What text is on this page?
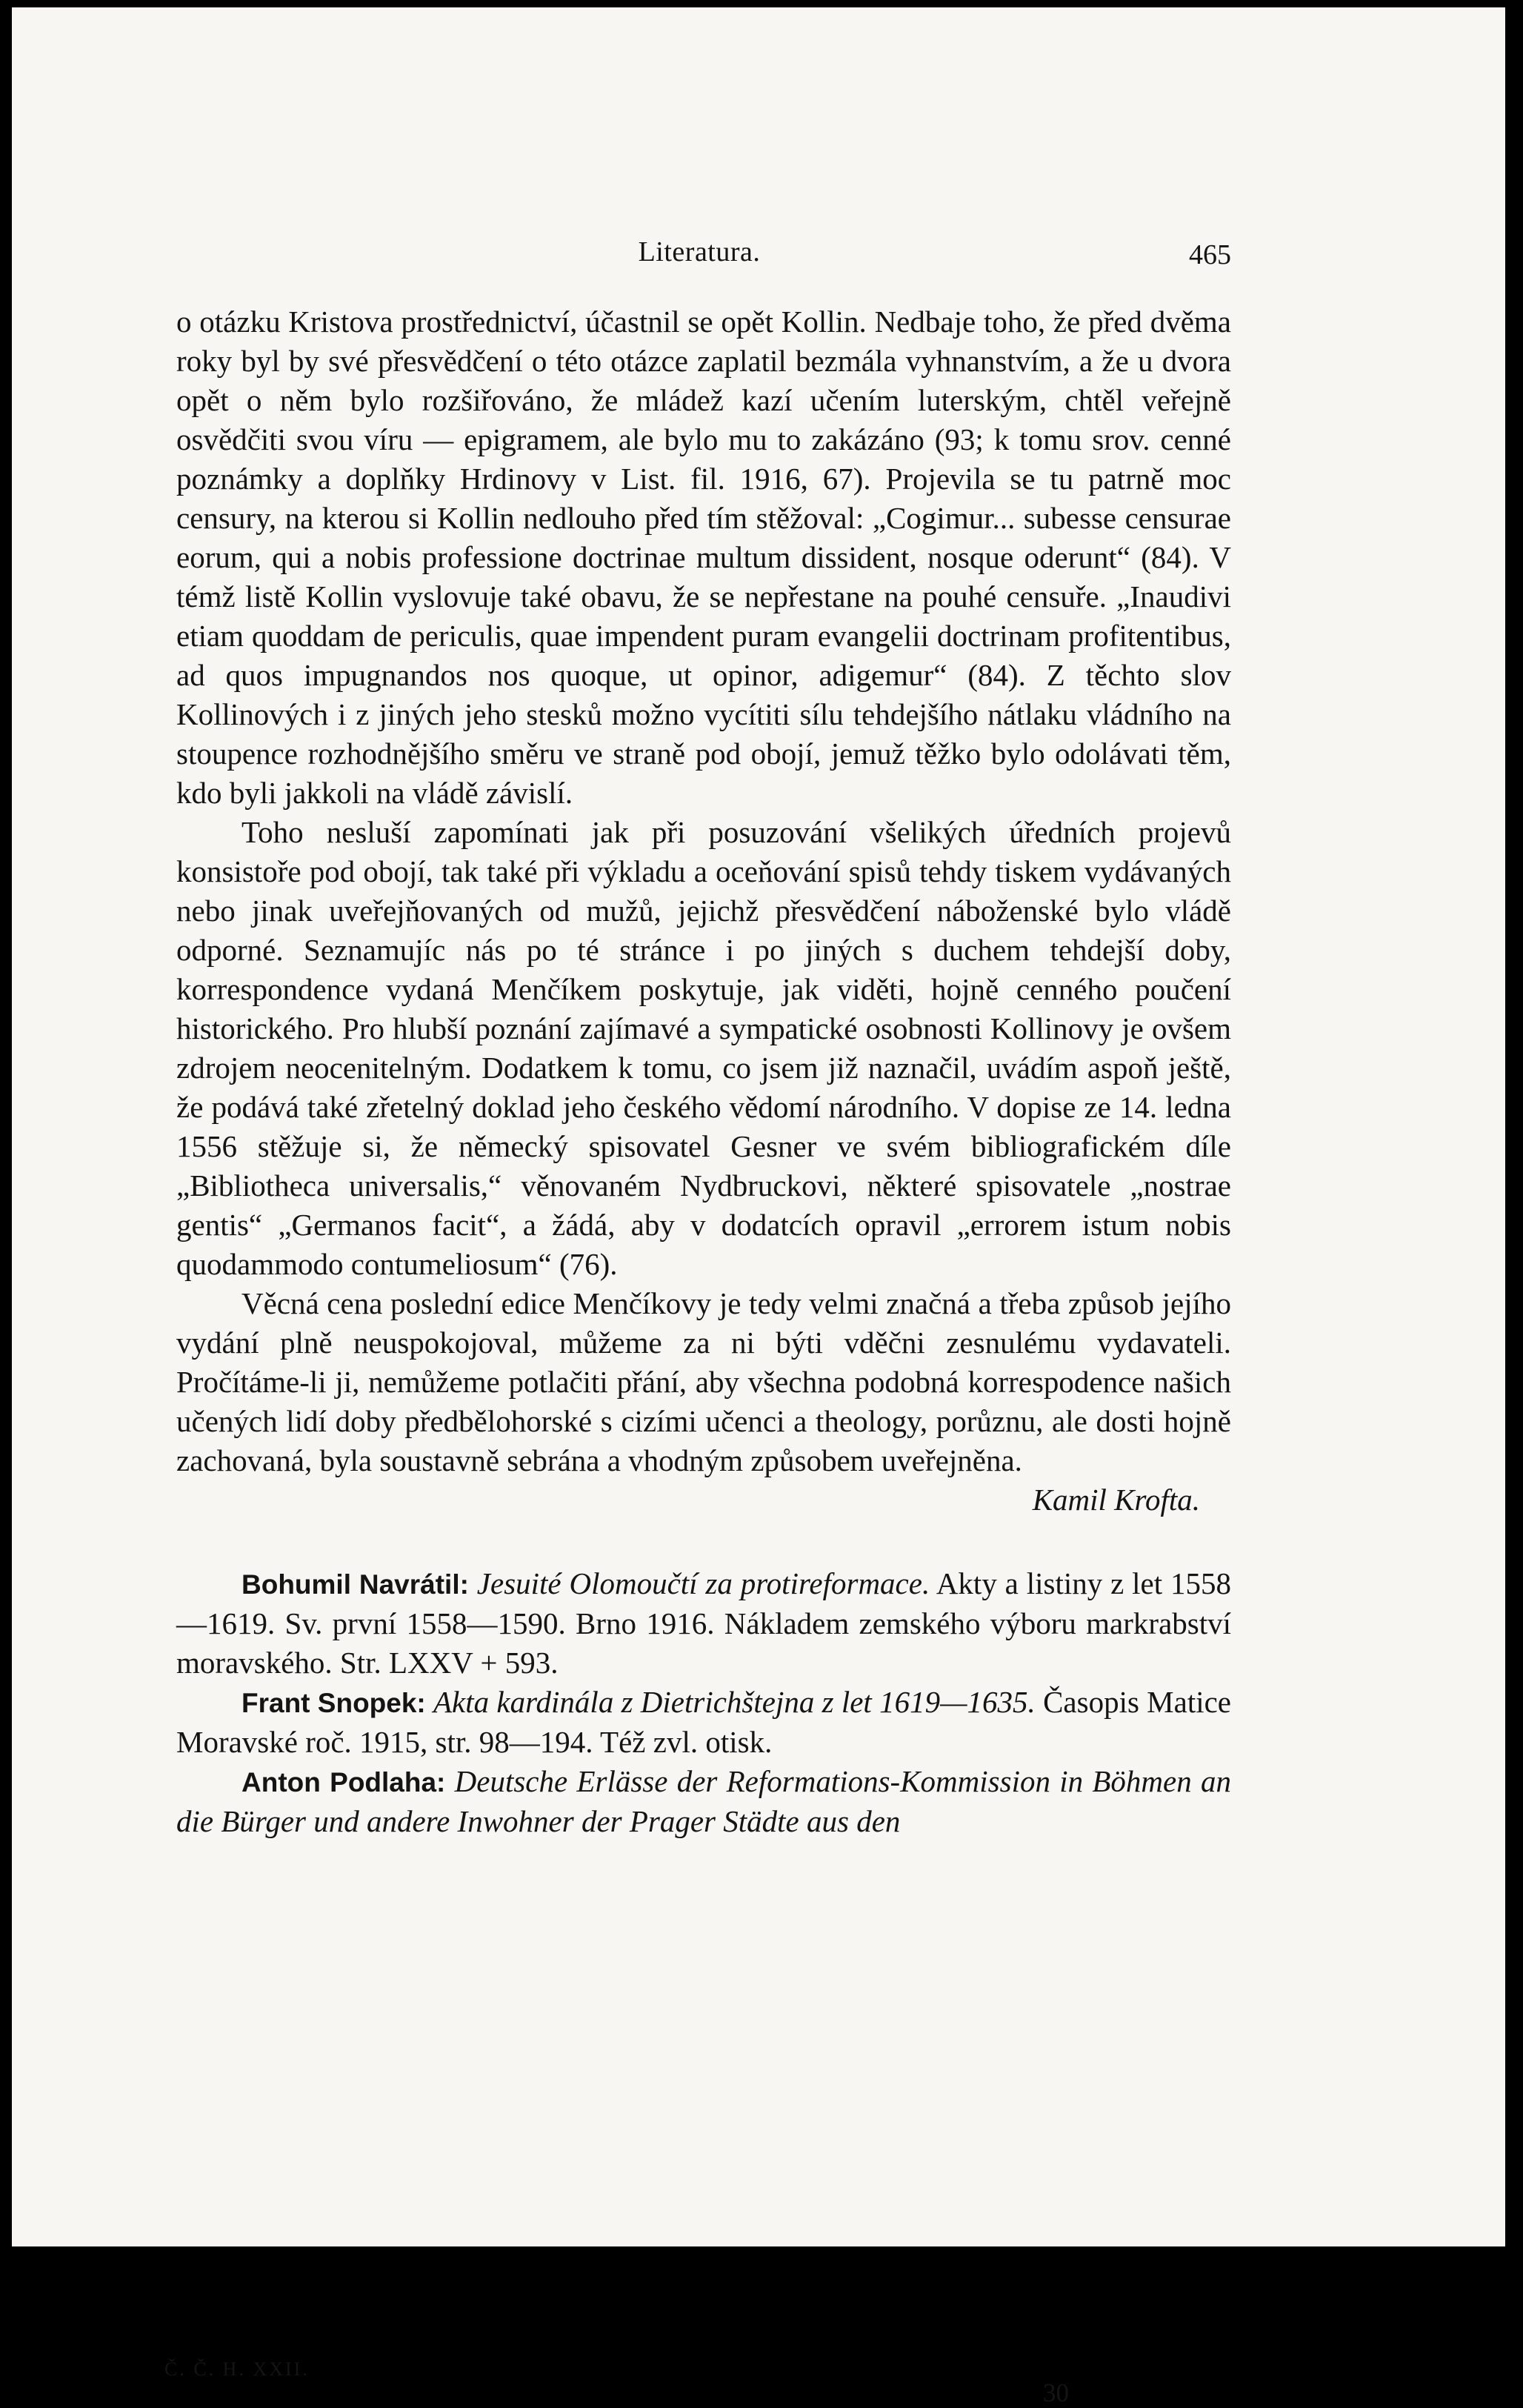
Literatura.	465

o otázku Kristova prostřednictví, účastnil se opět Kollin. Nedbaje toho, že před dvěma roky byl by své přesvědčení o této otázce zaplatil bezmála vyhnanstvím, a že u dvora opět o něm bylo rozšiřováno, že mládež kazí učením luterským, chtěl veřejně osvědčiti svou víru — epigramem, ale bylo mu to zakázáno (93; k tomu srov. cenné poznámky a doplňky Hrdinovy v List. fil. 1916, 67). Projevila se tu patrně moc censury, na kterou si Kollin nedlouho před tím stěžoval: „Cogimur... subesse censurae eorum, qui a nobis professione doctrinae multum dissident, nosque oderunt“ (84). V témž listě Kollin vyslovuje také obavu, že se nepřestane na pouhé censuře. „Inaudivi etiam quoddam de periculis, quae impendent puram evangelii doctrinam profitentibus, ad quos impugnandos nos quoque, ut opinor, adigemur“ (84). Z těchto slov Kollinových i z jiných jeho stesků možno vycítiti sílu tehdejšího nátlaku vládního na stoupence rozhodnějšího směru ve straně pod obojí, jemuž těžko bylo odolávati těm, kdo byli jakkoli na vládě závislí.

Toho nesluší zapomínati jak při posuzování všelikých úředních projevů konsistoře pod obojí, tak také při výkladu a oceňování spisů tehdy tiskem vydávaných nebo jinak uveřejňovaných od mužů, jejichž přesvědčení náboženské bylo vládě odporné. Seznamujíc nás po té stránce i po jiných s duchem tehdejší doby, korrespondence vydaná Menčíkem poskytuje, jak viděti, hojně cenného poučení historického. Pro hlubší poznání zajímavé a sympatické osobnosti Kollinovy je ovšem zdrojem neocenitelným. Dodatkem k tomu, co jsem již naznačil, uvádím aspoň ještě, že podává také zřetelný doklad jeho českého vědomí národního. V dopise ze 14. ledna 1556 stěžuje si, že německý spisovatel Gesner ve svém bibliografickém díle „Bibliotheca universalis,“ věnovaném Nydbruckovi, některé spisovatele „nostrae gentis“ „Germanos facit“, a žádá, aby v dodatcích opravil „errorem istum nobis quodammodo contumeliosum“ (76).

Věcná cena poslední edice Menčíkovy je tedy velmi značná a třeba způsob jejího vydání plně neuspokojoval, můžeme za ni býti vděčni zesnulému vydavateli. Pročítáme-li ji, nemůžeme potlačiti přání, aby všechna podobná korrespodence našich učených lidí doby předbělohorské s cizími učenci a theology, porůznu, ale dosti hojně zachovaná, byla soustavně sebrána a vhodným způsobem uveřejněna.

Kamil Krofta.

Bohumil Navrátil: Jesuité Olomoučtí za protireformace. Akty a listiny z let 1558—1619. Sv. první 1558—1590. Brno 1916. Nákladem zemského výboru markrabství moravského. Str. LXXV + 593.

Frant Snopek: Akta kardinála z Dietrichštejna z let 1619—1635. Časopis Matice Moravské roč. 1915, str. 98—194. Též zvl. otisk.

Anton Podlaha: Deutsche Erlässe der Reformations-Kommission in Böhmen an die Bürger und andere Inwohner der Prager Städte aus den

Č. Č. H. XXII.
30
